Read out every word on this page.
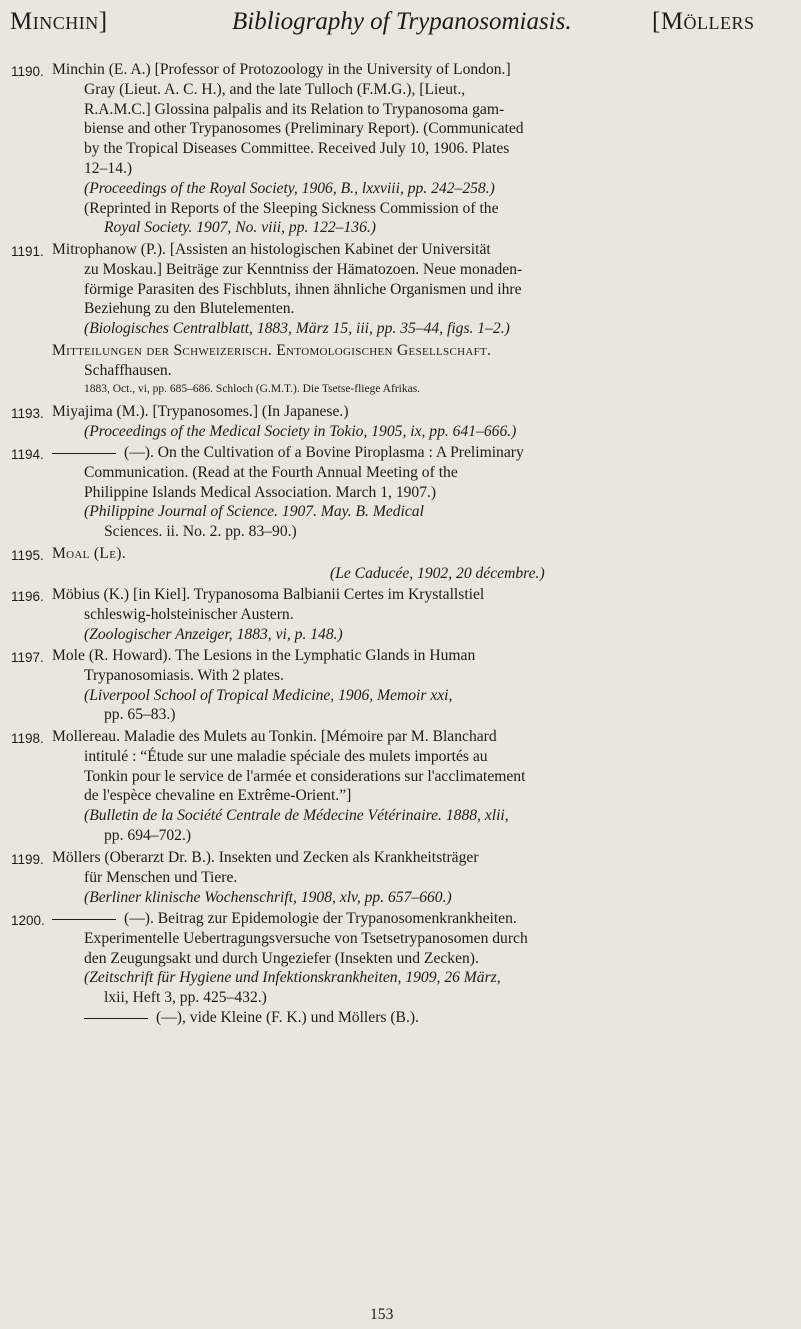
Minchin]	Bibliography of Trypanosomiasis.	[Möllers
1190. Minchin (E. A.) [Professor of Protozoology in the University of London.]
Gray (Lieut. A. C. H.), and the late Tulloch (F.M.G.), [Lieut.,
R.A.M.C.] Glossina palpalis and its Relation to Trypanosoma gam-
biense and other Trypanosomes (Preliminary Report). (Communicated
by the Tropical Diseases Committee. Received July 10, 1906. Plates
12–14.)
(Proceedings of the Royal Society, 1906, B., lxxviii, pp. 242–258.)
(Reprinted in Reports of the Sleeping Sickness Commission of the
Royal Society. 1907, No. viii, pp. 122–136.)
1191. Mitrophanow (P.). [Assisten an histologischen Kabinet der Universität
zu Moskau.] Beiträge zur Kenntniss der Hämatozoen. Neue monaden-
förmige Parasiten des Fischbluts, ihnen ähnliche Organismen und ihre
Beziehung zu den Blutelementen.
(Biologisches Centralblatt, 1883, März 15, iii, pp. 35–44, figs. 1–2.)
Mitteilungen der Schweizerisch. Entomologischen Gesellschaft.
Schaffhausen.
1883, Oct., vi, pp. 685–686. Schloch (G.M.T.). Die Tsetse-fliege Afrikas.
1193. Miyajima (M.). [Trypanosomes.] (In Japanese.)
(Proceedings of the Medical Society in Tokio, 1905, ix, pp. 641–666.)
1194.	(—). On the Cultivation of a Bovine Piroplasma : A Preliminary
Communication. (Read at the Fourth Annual Meeting of the
Philippine Islands Medical Association. March 1, 1907.)
(Philippine Journal of Science. 1907. May. B. Medical
Sciences. ii. No. 2. pp. 83–90.)
1195. Moal (Le).
(Le Caducée, 1902, 20 décembre.)
1196. Möbius (K.) [in Kiel]. Trypanosoma Balbianii Certes im Krystallstiel
schleswig-holsteinischer Austern.
(Zoologischer Anzeiger, 1883, vi, p. 148.)
1197. Mole (R. Howard). The Lesions in the Lymphatic Glands in Human
Trypanosomiasis. With 2 plates.
(Liverpool School of Tropical Medicine, 1906, Memoir xxi,
pp. 65–83.)
1198. Mollereau. Maladie des Mulets au Tonkin. [Mémoire par M. Blanchard
intitulé : “Étude sur une maladie spéciale des mulets importés au
Tonkin pour le service de l'armée et considerations sur l'acclimatement
de l'espèce chevaline en Extrême-Orient.”]
(Bulletin de la Société Centrale de Médecine Vétérinaire. 1888, xlii,
pp. 694–702.)
1199. Möllers (Oberarzt Dr. B.). Insekten und Zecken als Krankheitsträger
für Menschen und Tiere.
(Berliner klinische Wochenschrift, 1908, xlv, pp. 657–660.)
1200.	(—). Beitrag zur Epidemologie der Trypanosomenkrankheiten.
Experimentelle Uebertragungsversuche von Tsetsetrypanosomen durch
den Zeugungsakt und durch Ungeziefer (Insekten und Zecken).
(Zeitschrift für Hygiene und Infektionskrankheiten, 1909, 26 März,
lxii, Heft 3, pp. 425–432.)
(—), vide Kleine (F. K.) und Möllers (B.).
153
